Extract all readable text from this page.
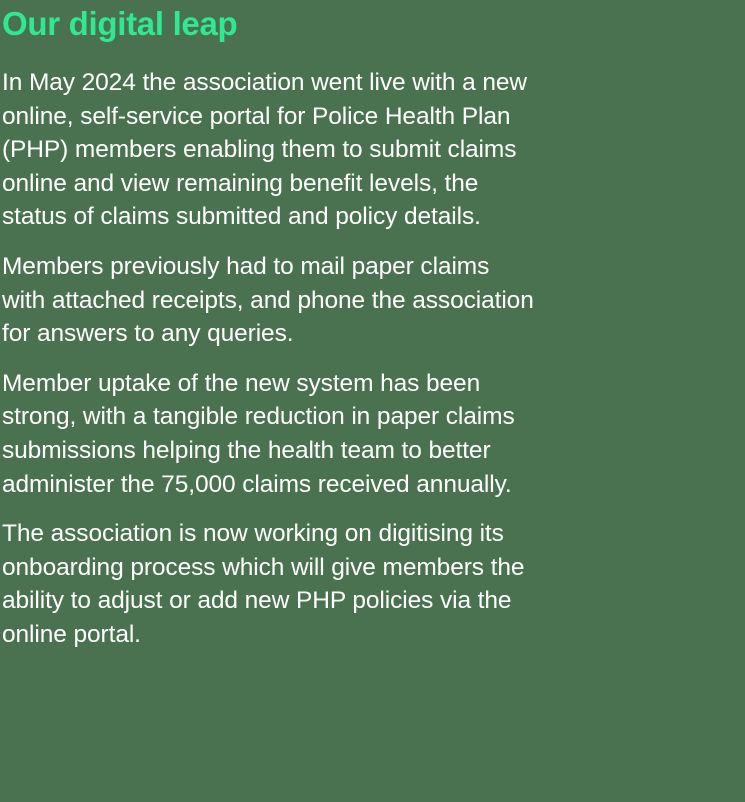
Our digital leap

In May 2024 the association went live with a new
online, self-service portal for Police Health Plan
(PHP) members enabling them to submit claims
online and view remaining benefit levels, the
status of claims submitted and policy details.

Members previously had to mail paper claims
with attached receipts, and phone the association
for answers to any queries.

Member uptake of the new system has been
strong, with a tangible reduction in paper claims
submissions helping the health team to better
administer the 75,000 claims received annually.

The association is now working on digitising its
onboarding process which will give members the
ability to adjust or add new PHP policies via the
online portal.
